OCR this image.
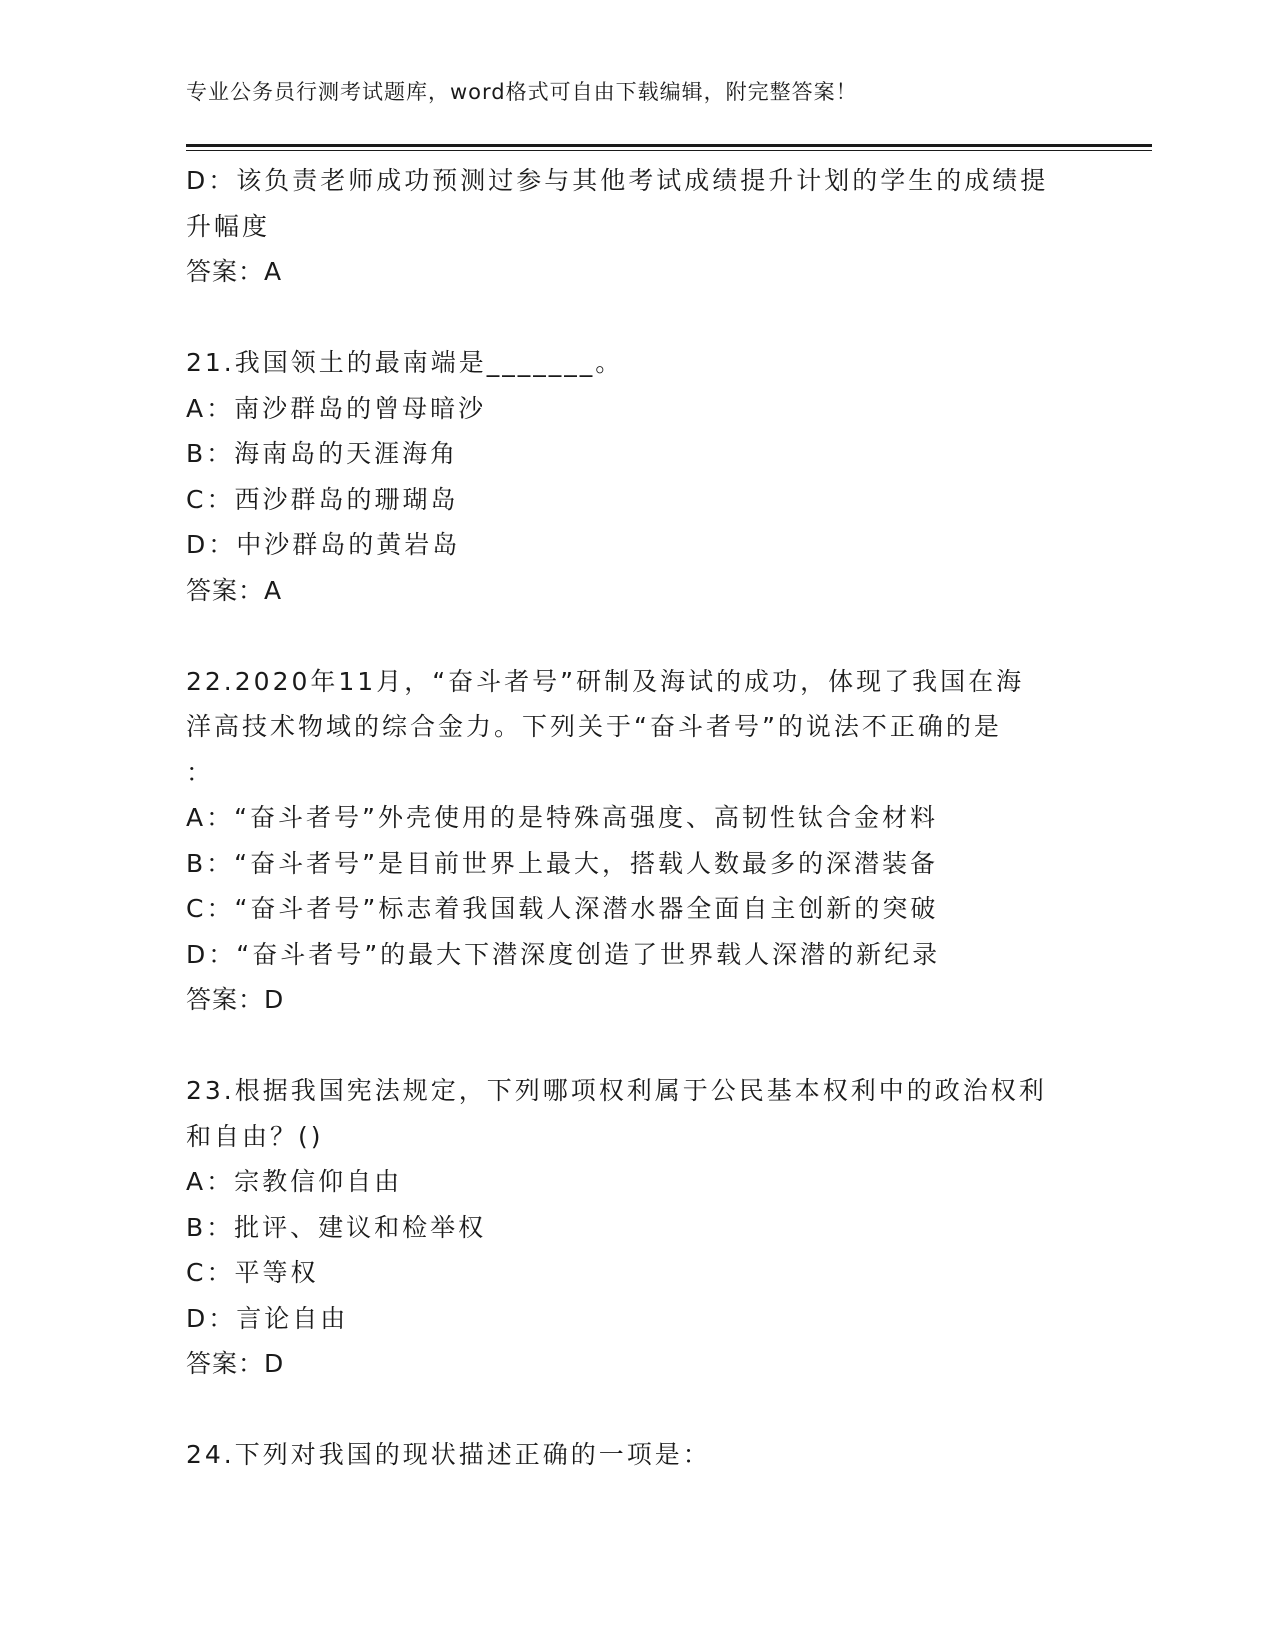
专业公务员行测考试题库，word格式可自由下载编辑，附完整答案！
D：该负责老师成功预测过参与其他考试成绩提升计划的学生的成绩提
升幅度
答案：A
21.我国领土的最南端是_______。
A：南沙群岛的曾母暗沙
B：海南岛的天涯海角
C：西沙群岛的珊瑚岛
D：中沙群岛的黄岩岛
答案：A
22.2020年11月，“奋斗者号”研制及海试的成功，体现了我国在海
洋高技术物域的综合金力。下列关于“奋斗者号”的说法不正确的是
：
A：“奋斗者号”外壳使用的是特殊高强度、高韧性钛合金材料
B：“奋斗者号”是目前世界上最大，搭载人数最多的深潜装备
C：“奋斗者号”标志着我国载人深潜水器全面自主创新的突破
D：“奋斗者号”的最大下潜深度创造了世界载人深潜的新纪录
答案：D
23.根据我国宪法规定，下列哪项权利属于公民基本权利中的政治权利
和自由？()
A：宗教信仰自由
B：批评、建议和检举权
C：平等权
D：言论自由
答案：D
24.下列对我国的现状描述正确的一项是：
